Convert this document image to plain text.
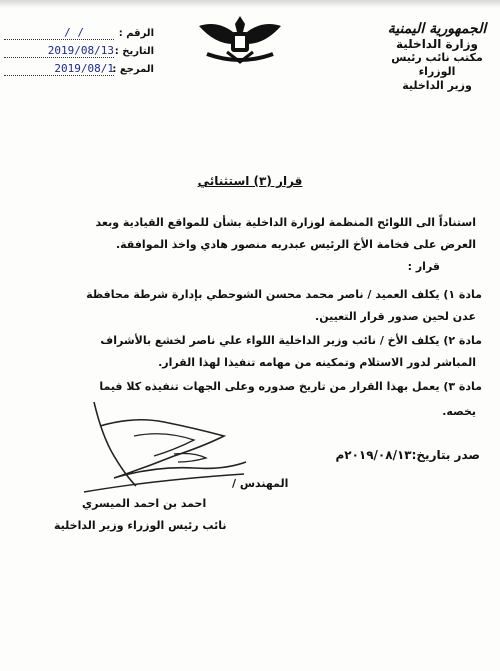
الجمهورية اليمنية
وزارة الداخلية
مكتب نائب رئيس الوزراء
وزير الداخلية
الرقم :
/ /
التاريخ :
2019/08/13
المرجع :
2019/08/1
قرار (٣) استثنائي
استناداً الى اللوائح المنظمة لوزارة الداخلية بشأن للمواقع القيادية وبعد
العرض على فخامة الأخ الرئيس عبدربه منصور هادي واخذ الموافقة.
قرار :
مادة ١) يكلف العميد / ناصر محمد محسن الشوحطي بإدارة شرطة محافظة
عدن لحين صدور قرار التعيين.
مادة ٢) يكلف الأخ / نائب وزير الداخلية اللواء علي ناصر لخشع بالأشراف
المباشر لدور الاستلام وتمكينه من مهامه تنفيذا لهذا القرار.
مادة ٣) يعمل بهذا القرار من تاريخ صدوره وعلى الجهات تنفيذه كلا فيما
يخصه.
صدر بتاريخ:٢٠١٩/٠٨/١٣م
المهندس /
احمد بن احمد الميسري
نائب رئيس الوزراء وزير الداخلية
